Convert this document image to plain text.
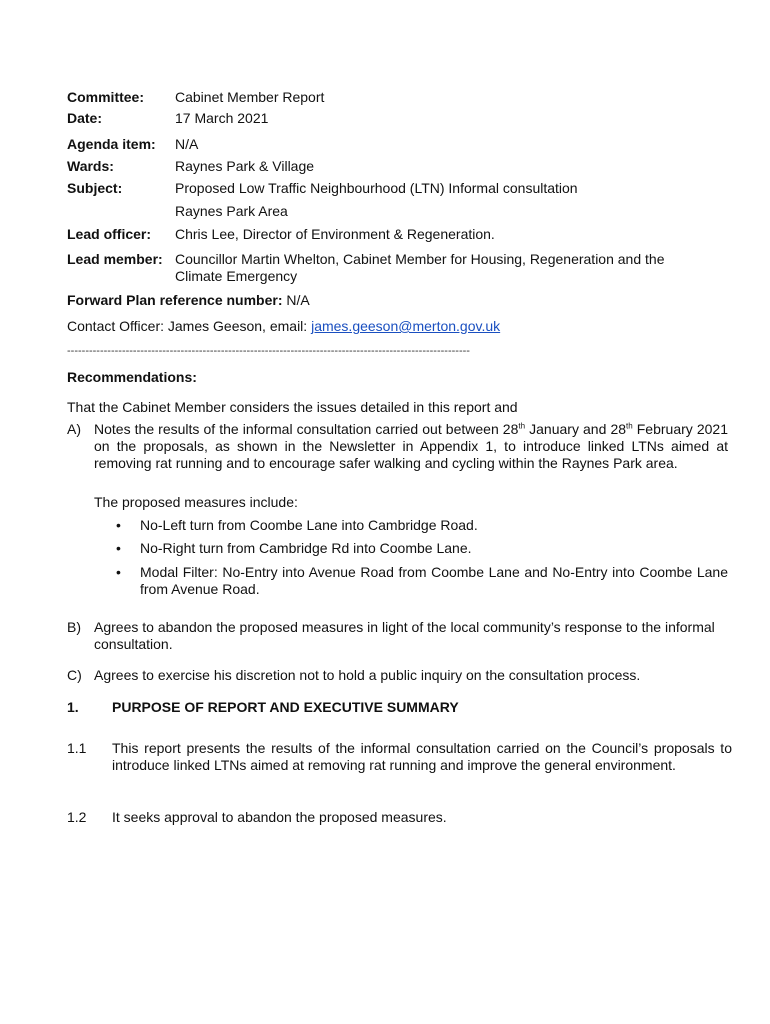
Committee: Cabinet Member Report
Date:	17 March 2021
Agenda item: N/A
Wards:	Raynes Park & Village
Subject:	Proposed Low Traffic Neighbourhood (LTN) Informal consultation
Raynes Park Area
Lead officer: Chris Lee, Director of Environment & Regeneration.
Lead member: Councillor Martin Whelton, Cabinet Member for Housing, Regeneration and the
Climate Emergency
Forward Plan reference number: N/A
Contact Officer: James Geeson, email: james.geeson@merton.gov.uk
--------------------------------------------------------------------------------------------------------------
Recommendations:
That the Cabinet Member considers the issues detailed in this report and
A) Notes the results of the informal consultation carried out between 28th January and 28th February 2021 on the proposals, as shown in the Newsletter in Appendix 1, to introduce linked LTNs aimed at removing rat running and to encourage safer walking and cycling within the Raynes Park area.
The proposed measures include:
• No-Left turn from Coombe Lane into Cambridge Road.
• No-Right turn from Cambridge Rd into Coombe Lane.
• Modal Filter: No-Entry into Avenue Road from Coombe Lane and No-Entry into Coombe Lane from Avenue Road.
B) Agrees to abandon the proposed measures in light of the local community’s response to the informal consultation.
C) Agrees to exercise his discretion not to hold a public inquiry on the consultation process.
1. PURPOSE OF REPORT AND EXECUTIVE SUMMARY
1.1 This report presents the results of the informal consultation carried on the Council’s proposals to introduce linked LTNs aimed at removing rat running and improve the general environment.
1.2 It seeks approval to abandon the proposed measures.
